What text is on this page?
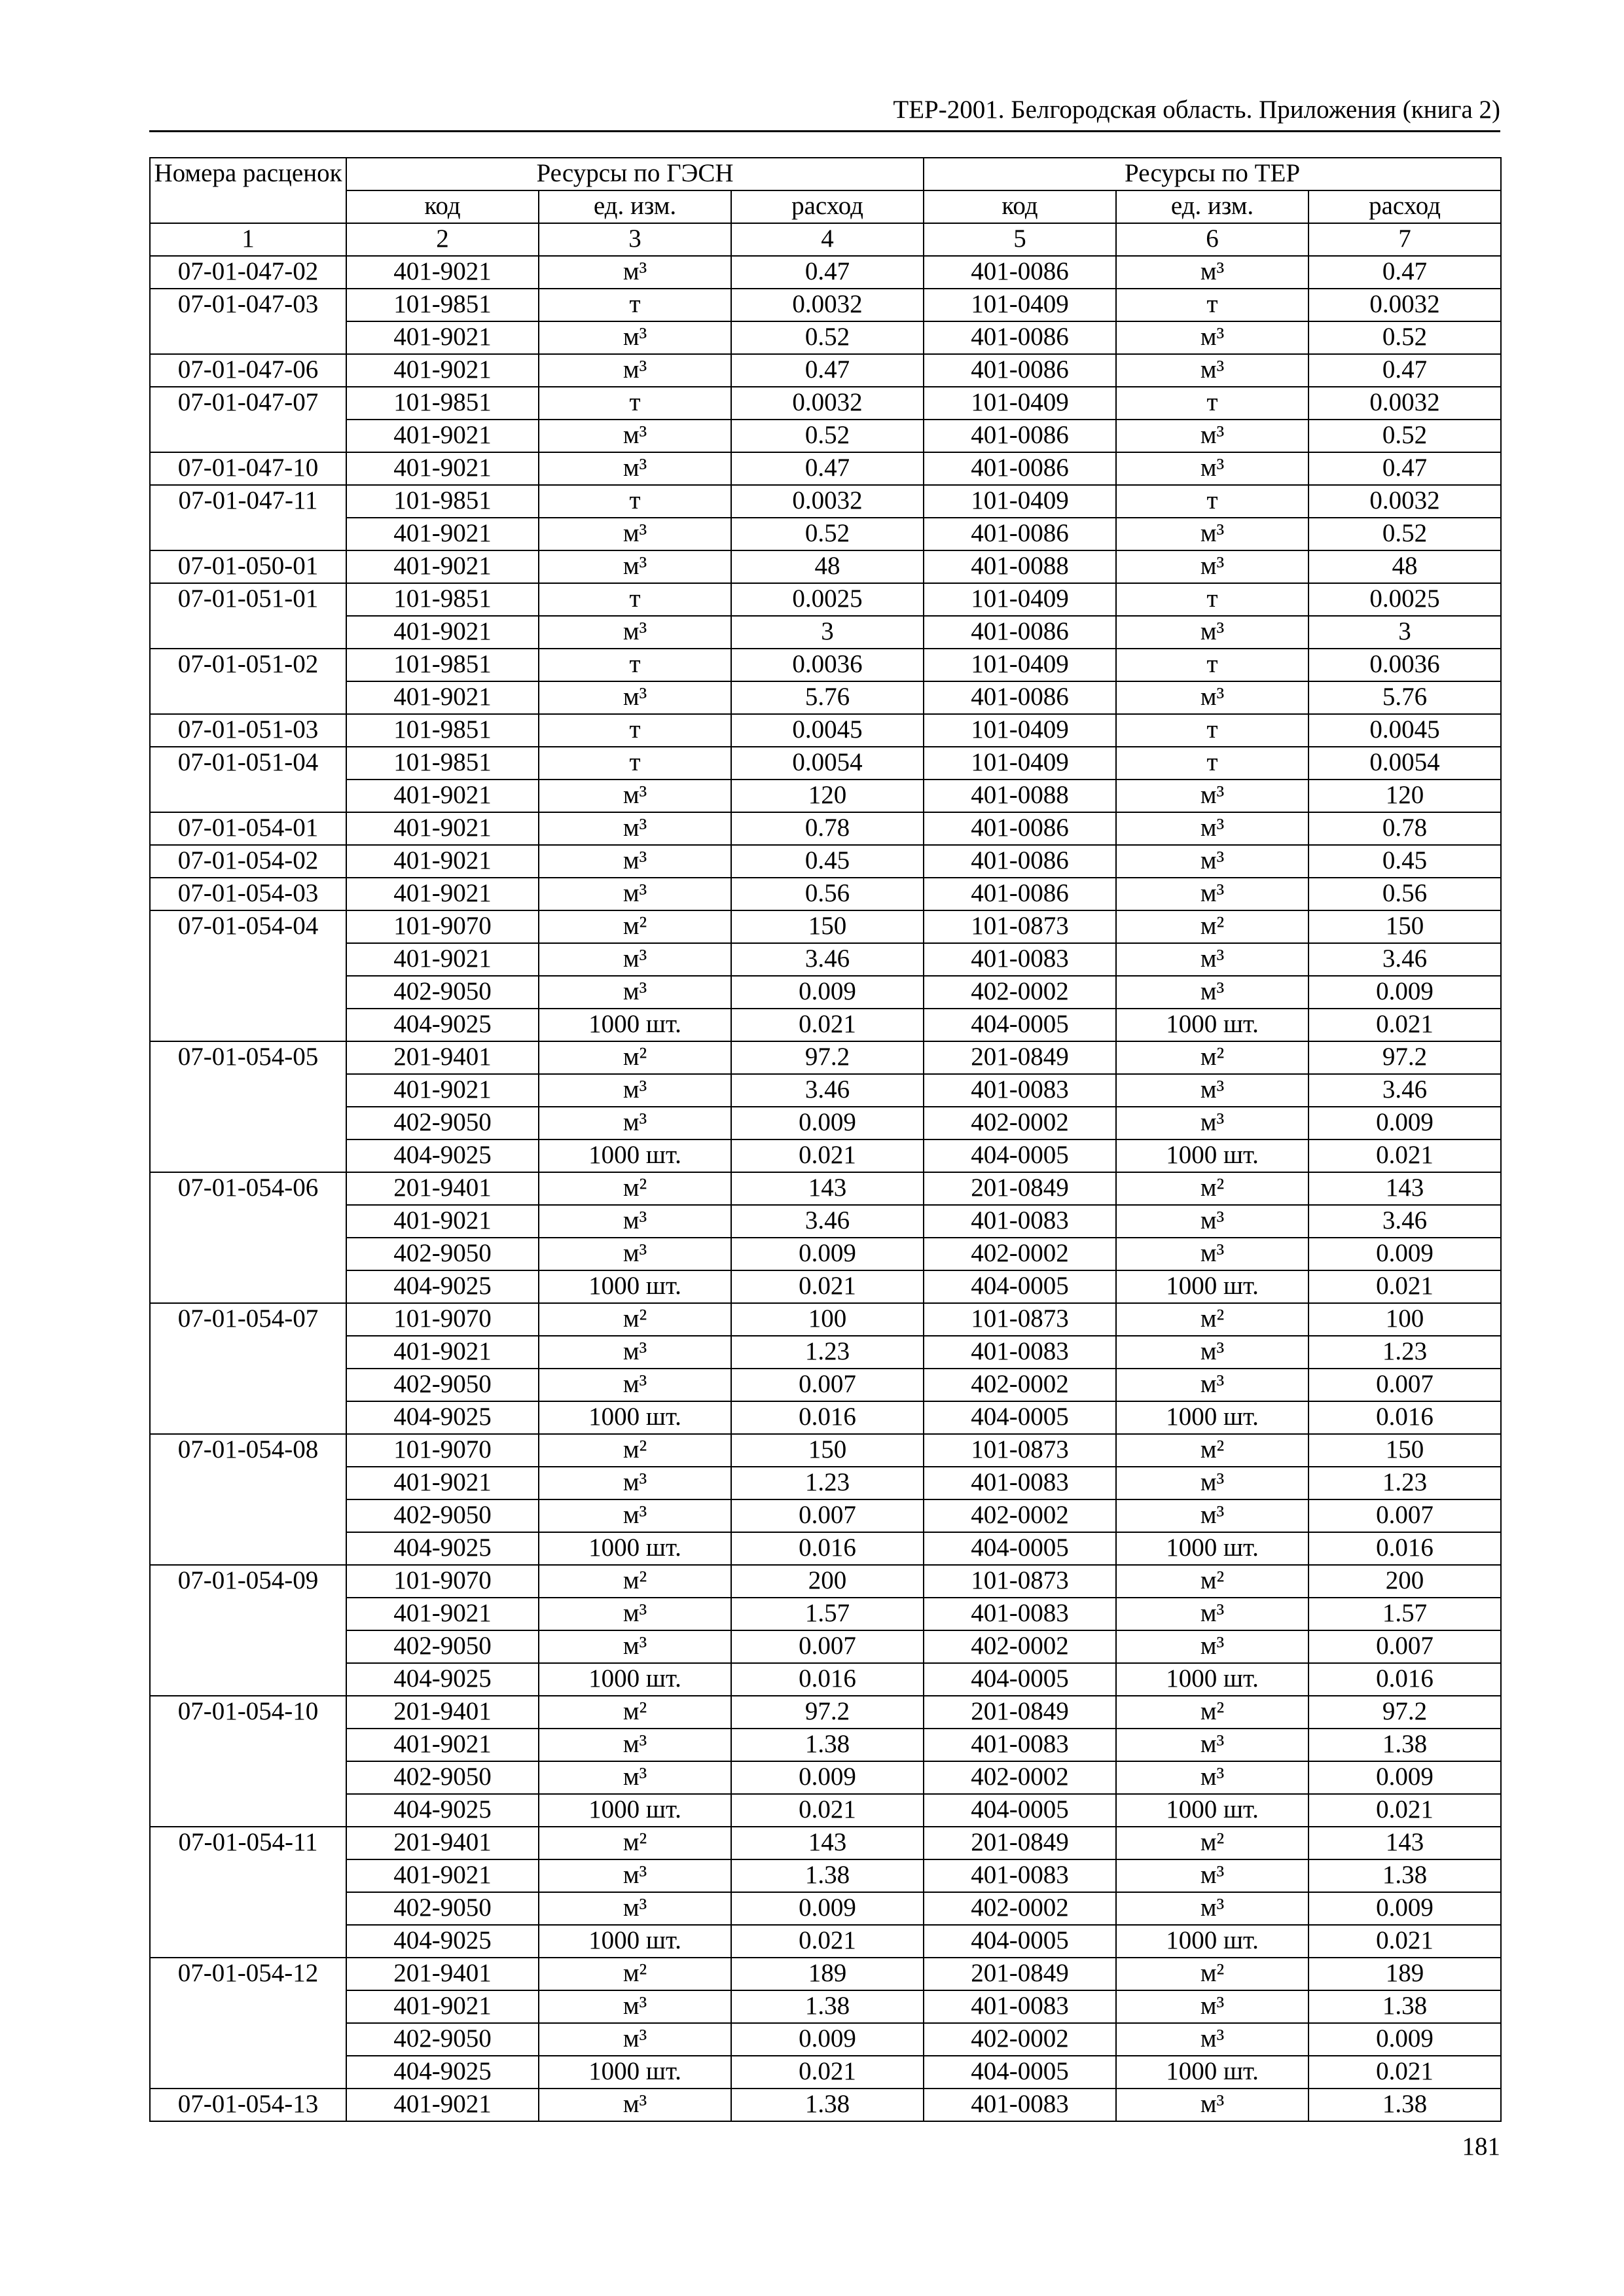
ТЕР-2001. Белгородская область. Приложения (книга 2)
Номера расценок	Ресурсы по ГЭСН			Ресурсы по ТЕР		
	код	ед. изм.	расход	код	ед. изм.	расход
1	2	3	4	5	6	7
07-01-047-02	401-9021	м³	0.47	401-0086	м³	0.47
07-01-047-03	101-9851	т	0.0032	101-0409	т	0.0032
	401-9021	м³	0.52	401-0086	м³	0.52
07-01-047-06	401-9021	м³	0.47	401-0086	м³	0.47
07-01-047-07	101-9851	т	0.0032	101-0409	т	0.0032
	401-9021	м³	0.52	401-0086	м³	0.52
07-01-047-10	401-9021	м³	0.47	401-0086	м³	0.47
07-01-047-11	101-9851	т	0.0032	101-0409	т	0.0032
	401-9021	м³	0.52	401-0086	м³	0.52
07-01-050-01	401-9021	м³	48	401-0088	м³	48
07-01-051-01	101-9851	т	0.0025	101-0409	т	0.0025
	401-9021	м³	3	401-0086	м³	3
07-01-051-02	101-9851	т	0.0036	101-0409	т	0.0036
	401-9021	м³	5.76	401-0086	м³	5.76
07-01-051-03	101-9851	т	0.0045	101-0409	т	0.0045
07-01-051-04	101-9851	т	0.0054	101-0409	т	0.0054
	401-9021	м³	120	401-0088	м³	120
07-01-054-01	401-9021	м³	0.78	401-0086	м³	0.78
07-01-054-02	401-9021	м³	0.45	401-0086	м³	0.45
07-01-054-03	401-9021	м³	0.56	401-0086	м³	0.56
07-01-054-04	101-9070	м²	150	101-0873	м²	150
	401-9021	м³	3.46	401-0083	м³	3.46
	402-9050	м³	0.009	402-0002	м³	0.009
	404-9025	1000 шт.	0.021	404-0005	1000 шт.	0.021
07-01-054-05	201-9401	м²	97.2	201-0849	м²	97.2
	401-9021	м³	3.46	401-0083	м³	3.46
	402-9050	м³	0.009	402-0002	м³	0.009
	404-9025	1000 шт.	0.021	404-0005	1000 шт.	0.021
07-01-054-06	201-9401	м²	143	201-0849	м²	143
	401-9021	м³	3.46	401-0083	м³	3.46
	402-9050	м³	0.009	402-0002	м³	0.009
	404-9025	1000 шт.	0.021	404-0005	1000 шт.	0.021
07-01-054-07	101-9070	м²	100	101-0873	м²	100
	401-9021	м³	1.23	401-0083	м³	1.23
	402-9050	м³	0.007	402-0002	м³	0.007
	404-9025	1000 шт.	0.016	404-0005	1000 шт.	0.016
07-01-054-08	101-9070	м²	150	101-0873	м²	150
	401-9021	м³	1.23	401-0083	м³	1.23
	402-9050	м³	0.007	402-0002	м³	0.007
	404-9025	1000 шт.	0.016	404-0005	1000 шт.	0.016
07-01-054-09	101-9070	м²	200	101-0873	м²	200
	401-9021	м³	1.57	401-0083	м³	1.57
	402-9050	м³	0.007	402-0002	м³	0.007
	404-9025	1000 шт.	0.016	404-0005	1000 шт.	0.016
07-01-054-10	201-9401	м²	97.2	201-0849	м²	97.2
	401-9021	м³	1.38	401-0083	м³	1.38
	402-9050	м³	0.009	402-0002	м³	0.009
	404-9025	1000 шт.	0.021	404-0005	1000 шт.	0.021
07-01-054-11	201-9401	м²	143	201-0849	м²	143
	401-9021	м³	1.38	401-0083	м³	1.38
	402-9050	м³	0.009	402-0002	м³	0.009
	404-9025	1000 шт.	0.021	404-0005	1000 шт.	0.021
07-01-054-12	201-9401	м²	189	201-0849	м²	189
	401-9021	м³	1.38	401-0083	м³	1.38
	402-9050	м³	0.009	402-0002	м³	0.009
	404-9025	1000 шт.	0.021	404-0005	1000 шт.	0.021
07-01-054-13	401-9021	м³	1.38	401-0083	м³	1.38
181
